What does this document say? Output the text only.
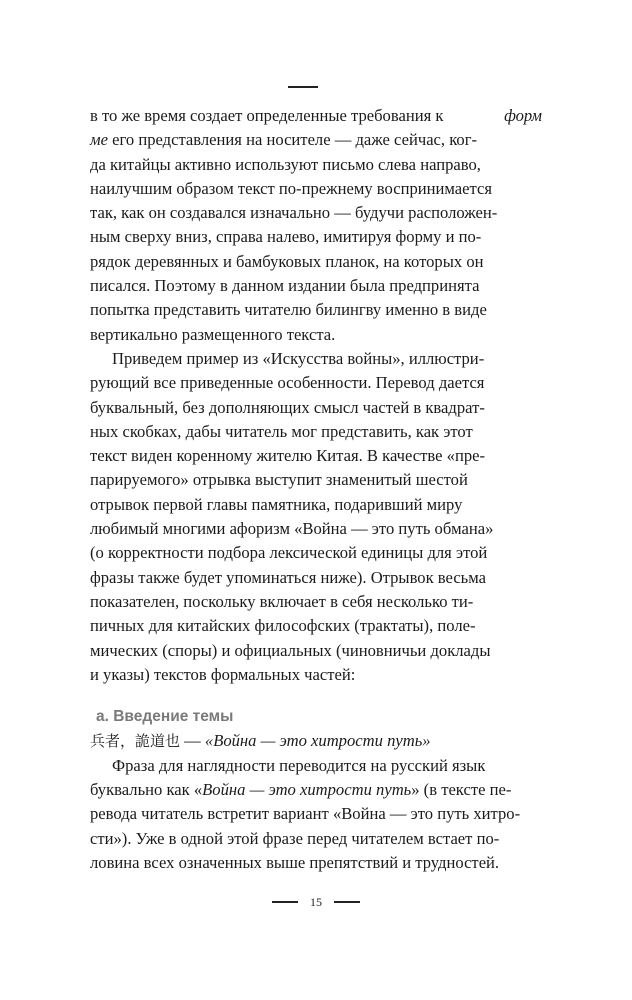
в то же время создает определенные требования к	форм
ме его представления на носителе — даже сейчас, ког-
да китайцы активно используют письмо слева направо,
наилучшим образом текст по-прежнему воспринимается
так, как он создавался изначально — будучи расположен-
ным сверху вниз, справа налево, имитируя форму и по-
рядок деревянных и бамбуковых планок, на которых он
писался. Поэтому в данном издании была предпринята
попытка представить читателю билингву именно в виде
вертикально размещенного текста.
Приведем пример из «Искусства войны», иллюстри-
рующий все приведенные особенности. Перевод дается
буквальный, без дополняющих смысл частей в квадрат-
ных скобках, дабы читатель мог представить, как этот
текст виден коренному жителю Китая. В качестве «пре-
парируемого» отрывка выступит знаменитый шестой
отрывок первой главы памятника, подаривший миру
любимый многими афоризм «Война — это путь обмана»
(о корректности подбора лексической единицы для этой
фразы также будет упоминаться ниже). Отрывок весьма
показателен, поскольку включает в себя несколько ти-
пичных для китайских философских (трактаты), поле-
мических (споры) и официальных (чиновничьи доклады
и указы) текстов формальных частей:
а. Введение темы
兵者，詭道也 — «Война — это хитрости путь»
Фраза для наглядности переводится на русский язык
буквально как «Война — это хитрости путь» (в тексте пе-
ревода читатель встретит вариант «Война — это путь хитро-
сти»). Уже в одной этой фразе перед читателем встает по-
ловина всех означенных выше препятствий и трудностей.
15
